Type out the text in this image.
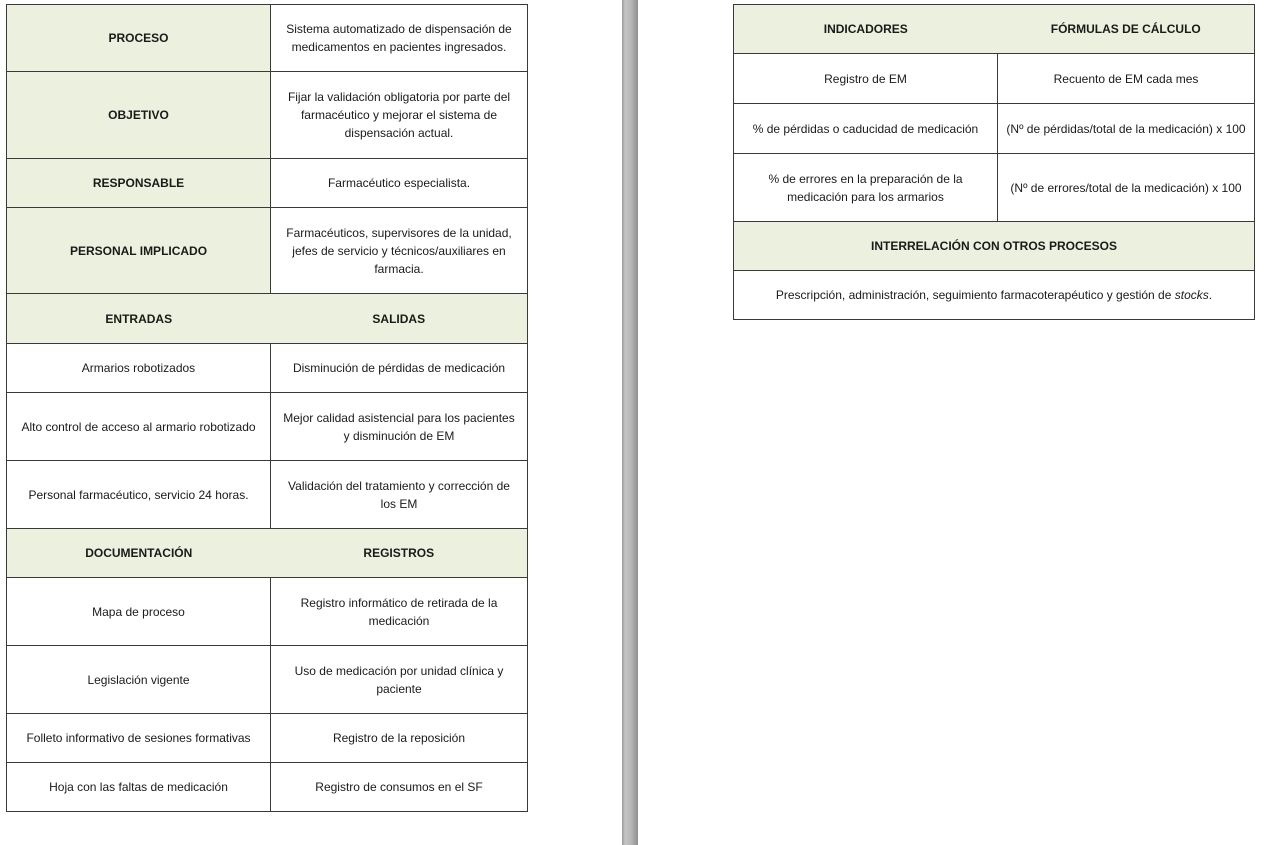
PROCESO	Sistema automatizado de dispensación de medicamentos en pacientes ingresados.
OBJETIVO	Fijar la validación obligatoria por parte del farmacéutico y mejorar el sistema de dispensación actual.
RESPONSABLE	Farmacéutico especialista.
PERSONAL IMPLICADO	Farmacéuticos, supervisores de la unidad, jefes de servicio y técnicos/auxiliares en farmacia.
ENTRADAS	SALIDAS
Armarios robotizados	Disminución de pérdidas de medicación
Alto control de acceso al armario robotizado	Mejor calidad asistencial para los pacientes y disminución de EM
Personal farmacéutico, servicio 24 horas.	Validación del tratamiento y corrección de los EM
DOCUMENTACIÓN	REGISTROS
Mapa de proceso	Registro informático de retirada de la medicación
Legislación vigente	Uso de medicación por unidad clínica y paciente
Folleto informativo de sesiones formativas	Registro de la reposición
Hoja con las faltas de medicación	Registro de consumos en el SF
INDICADORES	FÓRMULAS DE CÁLCULO
Registro de EM	Recuento de EM cada mes
% de pérdidas o caducidad de medicación	(Nº de pérdidas/total de la medicación) x 100
% de errores en la preparación de la medicación para los armarios	(Nº de errores/total de la medicación) x 100
INTERRELACIÓN CON OTROS PROCESOS	
Prescripción, administración, seguimiento farmacoterapéutico y gestión de stocks.	
